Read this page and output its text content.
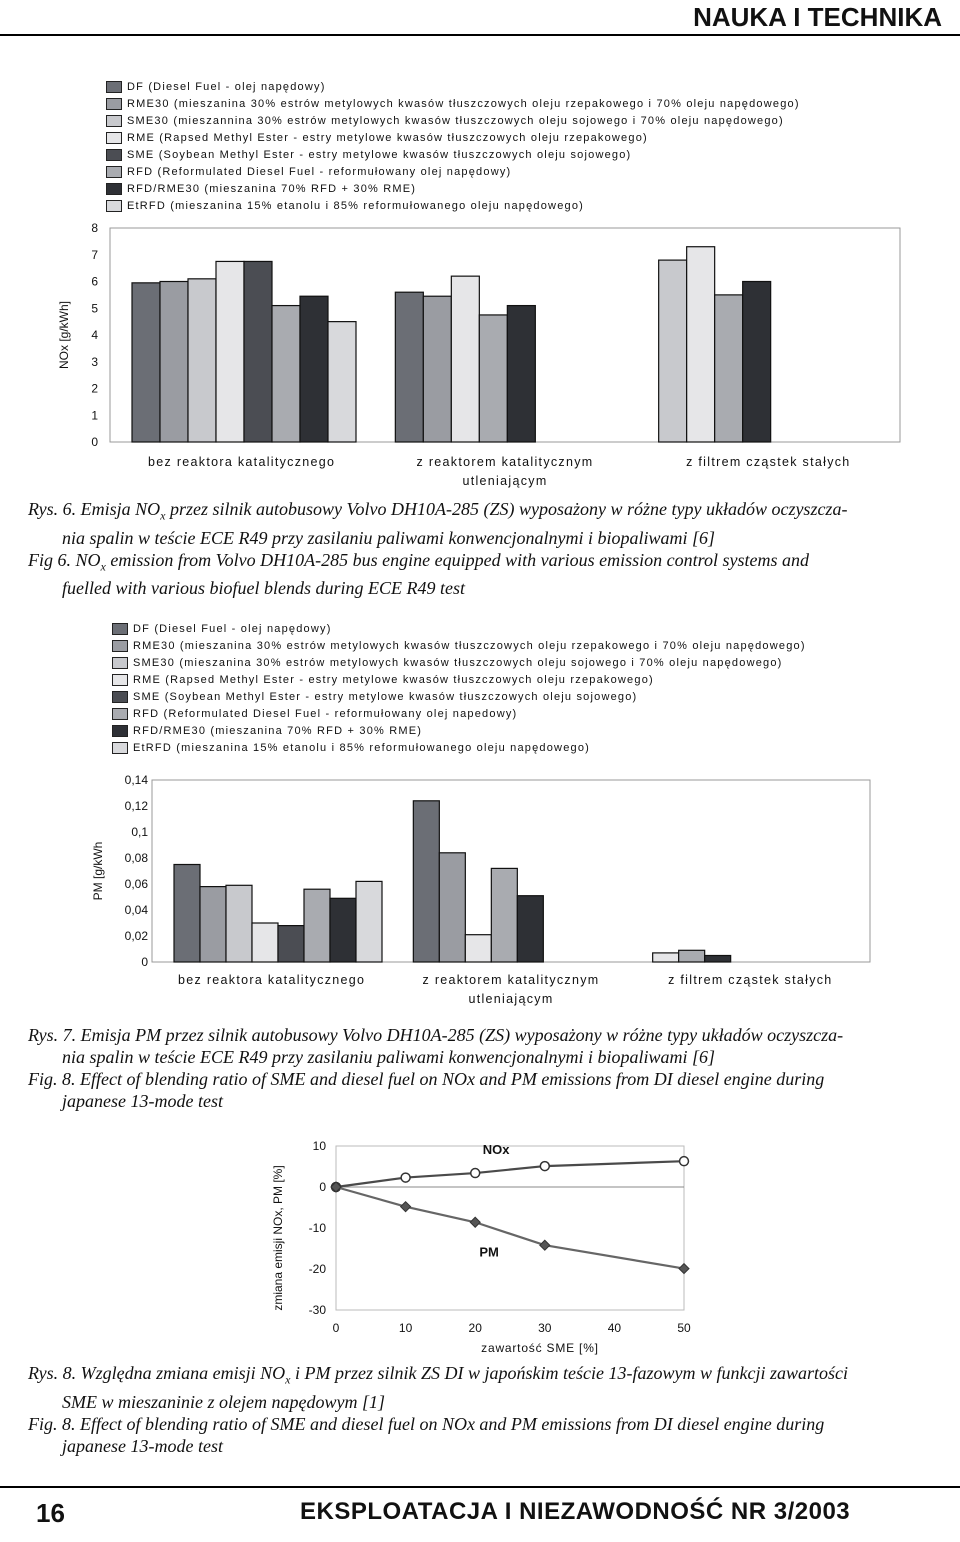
NAUKA I TECHNIKA
DF (Diesel Fuel - olej napędowy)
RME30 (mieszanina 30% estrów metylowych kwasów tłuszczowych oleju rzepakowego i 70% oleju napędowego)
SME30 (mieszannina 30% estrów metylowych kwasów tłuszczowych oleju sojowego i 70% oleju napędowego)
RME (Rapsed Methyl Ester - estry metylowe kwasów tłuszczowych oleju rzepakowego)
SME (Soybean Methyl Ester - estry metylowe kwasów tłuszczowych oleju sojowego)
RFD (Reformulated Diesel Fuel - reformułowany olej napędowy)
RFD/RME30 (mieszanina 70% RFD + 30% RME)
EtRFD (mieszanina 15% etanolu i 85% reformułowanego oleju napędowego)
0
1
2
3
4
5
6
7
8
NOx [g/kWh]
bez reaktora katalitycznego	z reaktorem katalitycznym
utleniającym
z filtrem cząstek stałych
Rys. 6. Emisja $NO_x$ przez silnik autobusowy Volvo DH10A-285 (ZS) wyposażony w różne typy układów oczyszcza-
nia spalin w teście ECE R49 przy zasilaniu paliwami konwencjonalnymi i biopaliwami [6]
Fig 6. $NO_x$ emission from Volvo DH10A-285 bus engine equipped with various emission control systems and
fuelled with various biofuel blends during ECE R49 test
DF (Diesel Fuel - olej napędowy)
RME30 (mieszanina 30% estrów metylowych kwasów tłuszczowych oleju rzepakowego i 70% oleju napędowego)
SME30 (mieszanina 30% estrów metylowych kwasów tłuszczowych oleju sojowego i 70% oleju napędowego)
RME (Rapsed Methyl Ester - estry metylowe kwasów tłuszczowych oleju rzepakowego)
SME (Soybean Methyl Ester - estry metylowe kwasów tłuszczowych oleju sojowego)
RFD (Reformulated Diesel Fuel - reformułowany olej napedowy)
RFD/RME30 (mieszanina 70% RFD + 30% RME)
EtRFD (mieszanina 15% etanolu i 85% reformułowanego oleju napędowego)
0
0,02
0,04
0,06
0,08
0,1
0,12
0,14
PM [g/kWh
bez reaktora katalitycznego	z reaktorem katalitycznym
utleniającym
z filtrem cząstek stałych
Rys. 7. Emisja PM przez silnik autobusowy Volvo DH10A-285 (ZS) wyposażony w różne typy układów oczyszcza-
nia spalin w teście ECE R49 przy zasilaniu paliwami konwencjonalnymi i biopaliwami [6]
Fig. 8. Effect of blending ratio of SME and diesel fuel on NOx and PM emissions from DI diesel engine during
japanese 13-mode test
-30
-20
-10
0
10
0	10	20	30	40	50
zawartość SME [%]
zmiana emisji NOx, PM [%]
NOx
PM
Rys. 8. Względna zmiana emisji $NO_x$ i PM przez silnik ZS DI w japońskim teście 13-fazowym w funkcji zawartości
SME w mieszaninie z olejem napędowym [1]
Fig. 8. Effect of blending ratio of SME and diesel fuel on NOx and PM emissions from DI diesel engine during
japanese 13-mode test
16	EKSPLOATACJA I NIEZAWODNOŚĆ NR 3/2003
